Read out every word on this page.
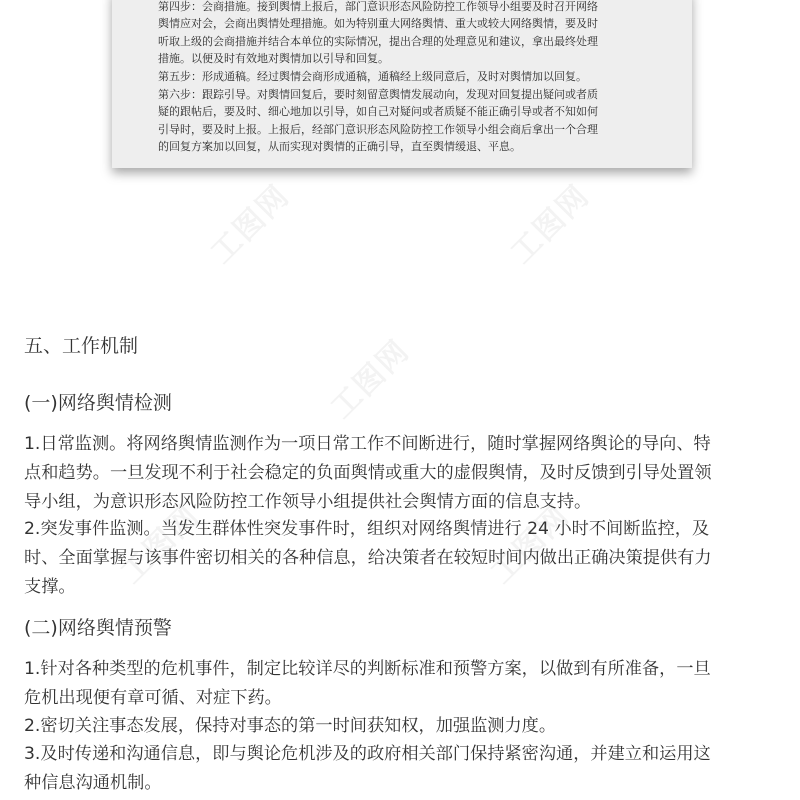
第四步：会商措施。接到舆情上报后，部门意识形态风险防控工作领导小组要及时召开网络
舆情应对会，会商出舆情处理措施。如为特别重大网络舆情、重大或较大网络舆情，要及时
听取上级的会商措施并结合本单位的实际情况，提出合理的处理意见和建议，拿出最终处理
措施。以便及时有效地对舆情加以引导和回复。
第五步：形成通稿。经过舆情会商形成通稿，通稿经上级同意后，及时对舆情加以回复。
第六步：跟踪引导。对舆情回复后，要时刻留意舆情发展动向，发现对回复提出疑问或者质
疑的跟帖后，要及时、细心地加以引导，如自己对疑问或者质疑不能正确引导或者不知如何
引导时，要及时上报。上报后，经部门意识形态风险防控工作领导小组会商后拿出一个合理
的回复方案加以回复，从而实现对舆情的正确引导，直至舆情缓退、平息。
工图网	工图网
工图网
工图网	工图网
五、工作机制
(一)网络舆情检测
1.日常监测。将网络舆情监测作为一项日常工作不间断进行，随时掌握网络舆论的导向、特
点和趋势。一旦发现不利于社会稳定的负面舆情或重大的虚假舆情，及时反馈到引导处置领
导小组，为意识形态风险防控工作领导小组提供社会舆情方面的信息支持。
2.突发事件监测。当发生群体性突发事件时，组织对网络舆情进行 24 小时不间断监控，及
时、全面掌握与该事件密切相关的各种信息，给决策者在较短时间内做出正确决策提供有力
支撑。
(二)网络舆情预警
1.针对各种类型的危机事件，制定比较详尽的判断标准和预警方案，以做到有所准备，一旦
危机出现便有章可循、对症下药。
2.密切关注事态发展，保持对事态的第一时间获知权，加强监测力度。
3.及时传递和沟通信息，即与舆论危机涉及的政府相关部门保持紧密沟通，并建立和运用这
种信息沟通机制。
